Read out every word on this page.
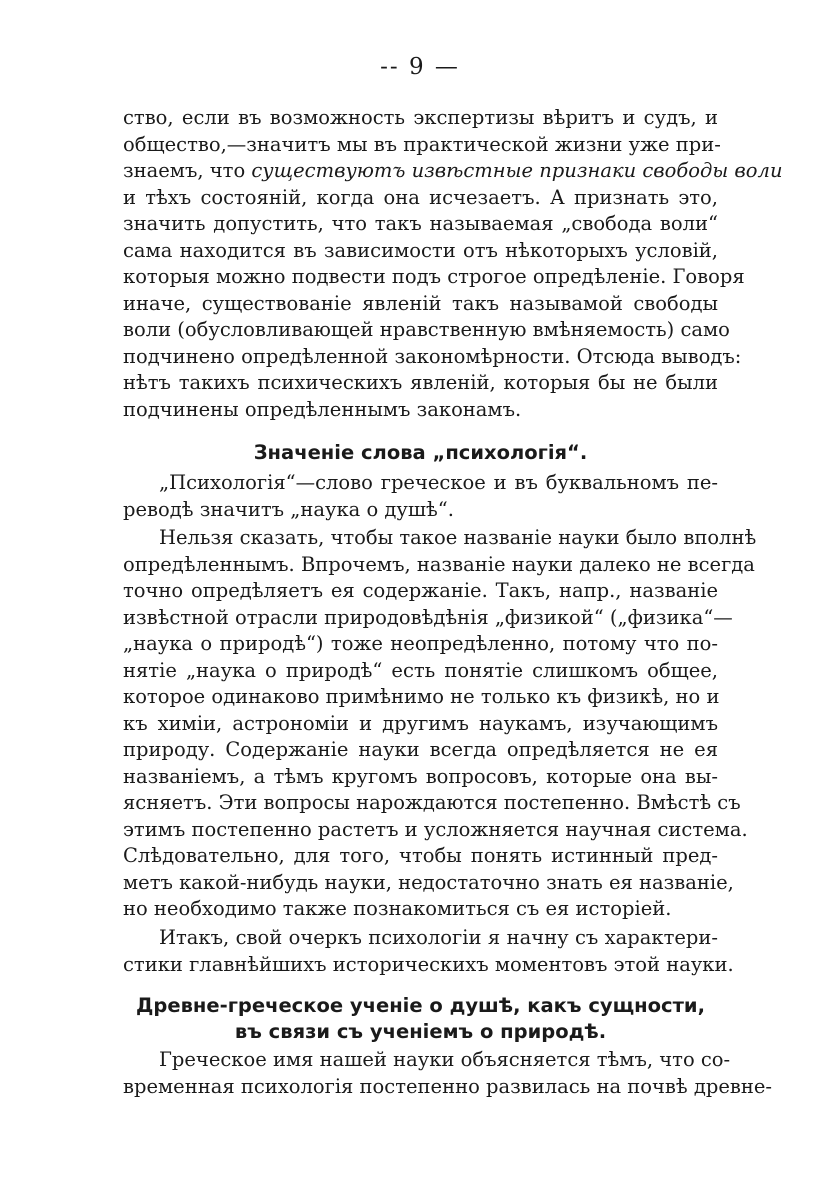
-- 9 —
ство, если въ возможность экспертизы вѣритъ и судъ, и
общество,—значитъ мы въ практической жизни уже при-
знаемъ, что существуютъ извѣстные признаки свободы воли
и тѣхъ состояній, когда она исчезаетъ. А признать это,
значить допустить, что такъ называемая „свобода воли“
сама находится въ зависимости отъ нѣкоторыхъ условій,
которыя можно подвести подъ строгое опредѣленіе. Говоря
иначе, существованіе явленій такъ называмой свободы
воли (обусловливающей нравственную вмѣняемость) само
подчинено опредѣленной закономѣрности. Отсюда выводъ:
нѣтъ такихъ психическихъ явленій, которыя бы не были
подчинены опредѣленнымъ законамъ.
Значеніе слова „психологія“.
„Психологія“—слово греческое и въ буквальномъ пе-
реводѣ значитъ „наука о душѣ“.
Нельзя сказать, чтобы такое названіе науки было вполнѣ
опредѣленнымъ. Впрочемъ, названіе науки далеко не всегда
точно опредѣляетъ ея содержаніе. Такъ, напр., названіе
извѣстной отрасли природовѣдѣнія „физикой“ („физика“—
„наука о природѣ“) тоже неопредѣленно, потому что по-
нятіе „наука о природѣ“ есть понятіе слишкомъ общее,
которое одинаково примѣнимо не только къ физикѣ, но и
къ химіи, астрономіи и другимъ наукамъ, изучающимъ
природу. Содержаніе науки всегда опредѣляется не ея
названіемъ, а тѣмъ кругомъ вопросовъ, которые она вы-
ясняетъ. Эти вопросы нарождаются постепенно. Вмѣстѣ съ
этимъ постепенно растетъ и усложняется научная система.
Слѣдовательно, для того, чтобы понять истинный пред-
метъ какой-нибудь науки, недостаточно знать ея названіе,
но необходимо также познакомиться съ ея исторіей.
Итакъ, свой очеркъ психологіи я начну съ характери-
стики главнѣйшихъ историческихъ моментовъ этой науки.
Древне-греческое ученіе о душѣ, какъ сущности,
въ связи съ ученіемъ о природѣ.
Греческое имя нашей науки объясняется тѣмъ, что со-
временная психологія постепенно развилась на почвѣ древне-
